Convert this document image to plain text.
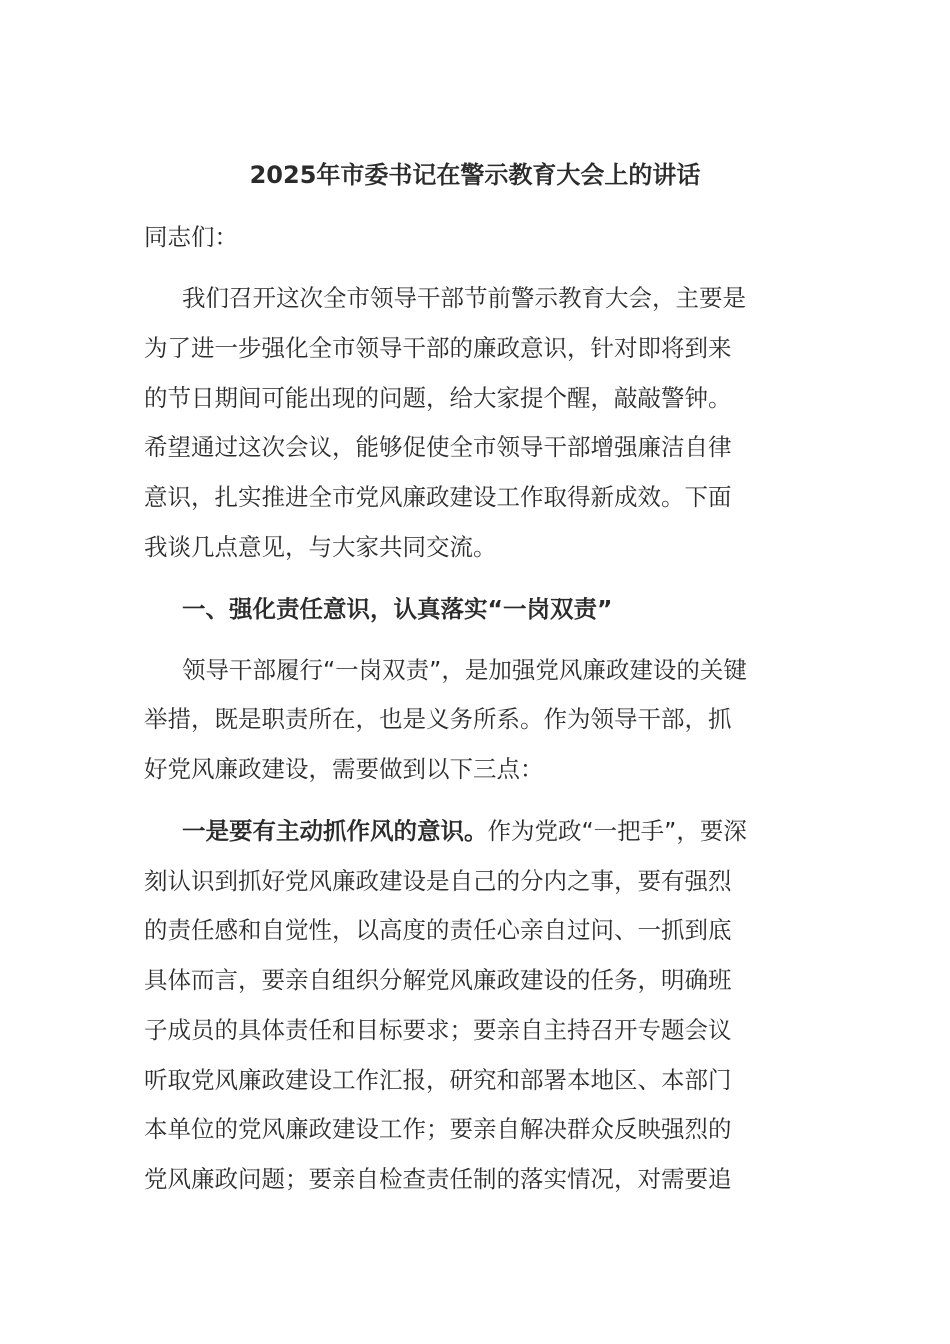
2025年市委书记在警示教育大会上的讲话
同志们：
我们召开这次全市领导干部节前警示教育大会，主要是
为了进一步强化全市领导干部的廉政意识，针对即将到来
的节日期间可能出现的问题，给大家提个醒，敲敲警钟。
希望通过这次会议，能够促使全市领导干部增强廉洁自律
意识，扎实推进全市党风廉政建设工作取得新成效。下面
我谈几点意见，与大家共同交流。
一、强化责任意识，认真落实“一岗双责”
领导干部履行“一岗双责”，是加强党风廉政建设的关键
举措，既是职责所在，也是义务所系。作为领导干部，抓
好党风廉政建设，需要做到以下三点：
一是要有主动抓作风的意识。作为党政“一把手”，要深
刻认识到抓好党风廉政建设是自己的分内之事，要有强烈
的责任感和自觉性，以高度的责任心亲自过问、一抓到底
具体而言，要亲自组织分解党风廉政建设的任务，明确班
子成员的具体责任和目标要求；要亲自主持召开专题会议
听取党风廉政建设工作汇报，研究和部署本地区、本部门
本单位的党风廉政建设工作；要亲自解决群众反映强烈的
党风廉政问题；要亲自检查责任制的落实情况，对需要追
